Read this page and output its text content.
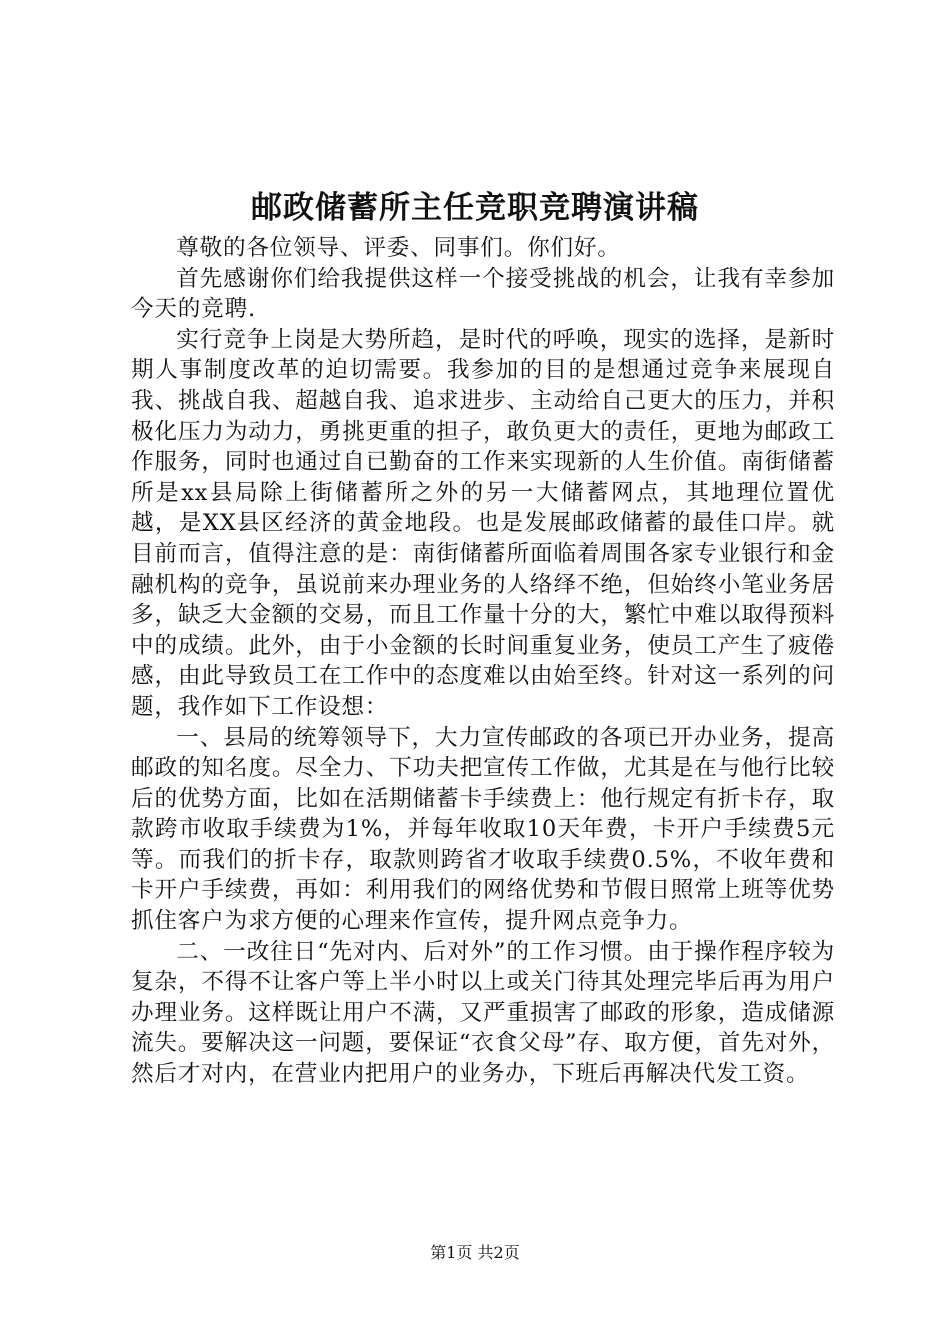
邮政储蓄所主任竞职竞聘演讲稿

尊敬的各位领导、评委、同事们。你们好。

首先感谢你们给我提供这样一个接受挑战的机会，让我有幸参加今天的竞聘.

实行竞争上岗是大势所趋，是时代的呼唤，现实的选择，是新时期人事制度改革的迫切需要。我参加的目的是想通过竞争来展现自我、挑战自我、超越自我、追求进步、主动给自己更大的压力，并积极化压力为动力，勇挑更重的担子，敢负更大的责任，更地为邮政工作服务，同时也通过自已勤奋的工作来实现新的人生价值。南街储蓄所是xx县局除上街储蓄所之外的另一大储蓄网点，其地理位置优越，是XX县区经济的黄金地段。也是发展邮政储蓄的最佳口岸。就目前而言，值得注意的是：南街储蓄所面临着周围各家专业银行和金融机构的竞争，虽说前来办理业务的人络绎不绝，但始终小笔业务居多，缺乏大金额的交易，而且工作量十分的大，繁忙中难以取得预料中的成绩。此外，由于小金额的长时间重复业务，使员工产生了疲倦感，由此导致员工在工作中的态度难以由始至终。针对这一系列的问题，我作如下工作设想：

一、县局的统筹领导下，大力宣传邮政的各项已开办业务，提高邮政的知名度。尽全力、下功夫把宣传工作做，尤其是在与他行比较后的优势方面，比如在活期储蓄卡手续费上：他行规定有折卡存，取款跨市收取手续费为1%，并每年收取10天年费，卡开户手续费5元等。而我们的折卡存，取款则跨省才收取手续费0.5%，不收年费和卡开户手续费，再如：利用我们的网络优势和节假日照常上班等优势抓住客户为求方便的心理来作宣传，提升网点竞争力。

二、一改往日“先对内、后对外”的工作习惯。由于操作程序较为复杂，不得不让客户等上半小时以上或关门待其处理完毕后再为用户办理业务。这样既让用户不满，又严重损害了邮政的形象，造成储源流失。要解决这一问题，要保证“衣食父母”存、取方便，首先对外，然后才对内，在营业内把用户的业务办，下班后再解决代发工资。

第1页 共2页
